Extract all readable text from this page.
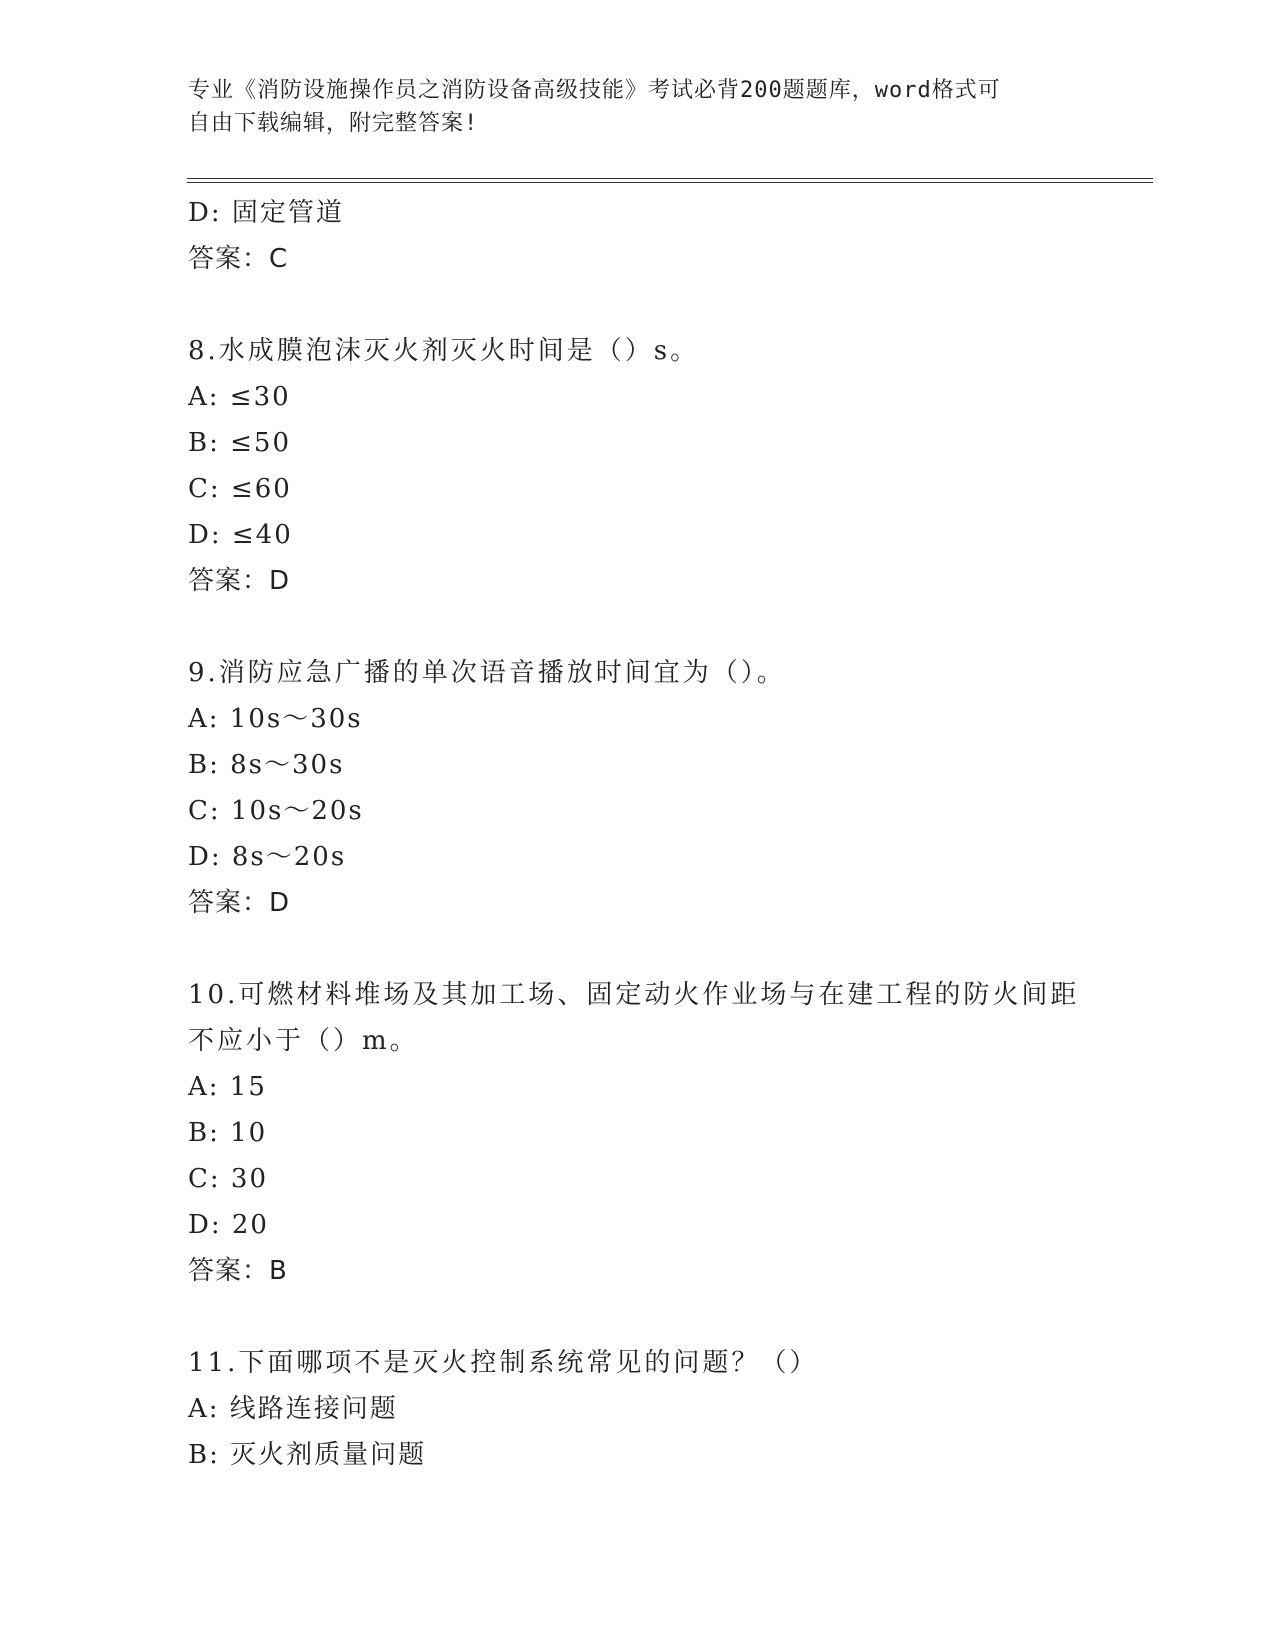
专业《消防设施操作员之消防设备高级技能》考试必背200题题库，word格式可
自由下载编辑，附完整答案!
D: 固定管道
答案：C
8.水成膜泡沫灭火剂灭火时间是（）s。
A: ≤30
B: ≤50
C: ≤60
D: ≤40
答案：D
9.消防应急广播的单次语音播放时间宜为（）。
A: 10s～30s
B: 8s～30s
C: 10s～20s
D: 8s～20s
答案：D
10.可燃材料堆场及其加工场、固定动火作业场与在建工程的防火间距
不应小于（）m。
A: 15
B: 10
C: 30
D: 20
答案：B
11.下面哪项不是灭火控制系统常见的问题？（）
A: 线路连接问题
B: 灭火剂质量问题
